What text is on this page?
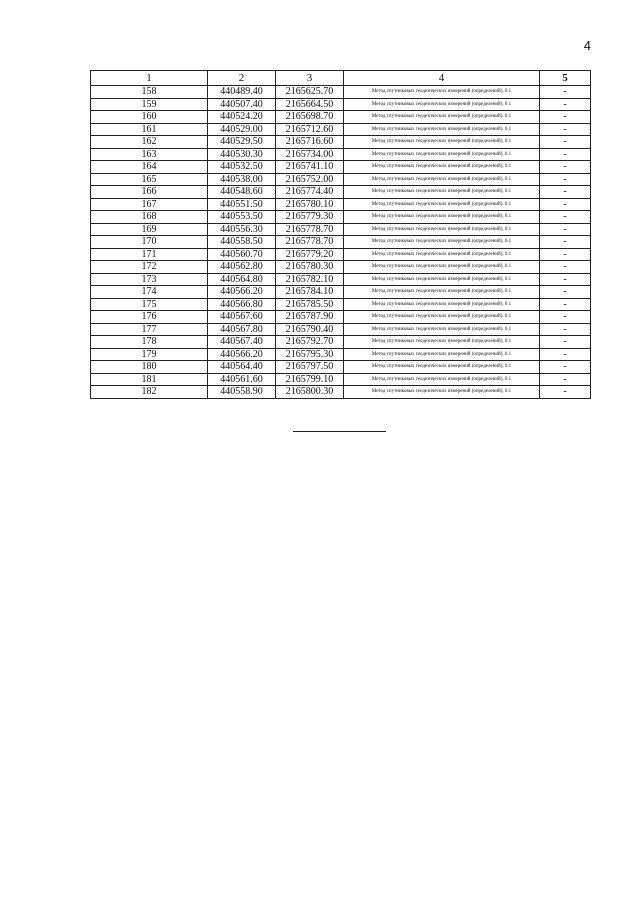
4
1	2	3	4	5
158	440489.40	2165625.70	Метод спутниковых геодезических измерений (определений), 0.1	-
159	440507.40	2165664.50	Метод спутниковых геодезических измерений (определений), 0.1	-
160	440524.20	2165698.70	Метод спутниковых геодезических измерений (определений), 0.1	-
161	440529.00	2165712.60	Метод спутниковых геодезических измерений (определений), 0.1	-
162	440529.50	2165716.60	Метод спутниковых геодезических измерений (определений), 0.1	-
163	440530.30	2165734.00	Метод спутниковых геодезических измерений (определений), 0.1	-
164	440532.50	2165741.10	Метод спутниковых геодезических измерений (определений), 0.1	-
165	440538.00	2165752.00	Метод спутниковых геодезических измерений (определений), 0.1	-
166	440548.60	2165774.40	Метод спутниковых геодезических измерений (определений), 0.1	-
167	440551.50	2165780.10	Метод спутниковых геодезических измерений (определений), 0.1	-
168	440553.50	2165779.30	Метод спутниковых геодезических измерений (определений), 0.1	-
169	440556.30	2165778.70	Метод спутниковых геодезических измерений (определений), 0.1	-
170	440558.50	2165778.70	Метод спутниковых геодезических измерений (определений), 0.1	-
171	440560.70	2165779.20	Метод спутниковых геодезических измерений (определений), 0.1	-
172	440562.80	2165780.30	Метод спутниковых геодезических измерений (определений), 0.1	-
173	440564.80	2165782.10	Метод спутниковых геодезических измерений (определений), 0.1	-
174	440566.20	2165784.10	Метод спутниковых геодезических измерений (определений), 0.1	-
175	440566.80	2165785.50	Метод спутниковых геодезических измерений (определений), 0.1	-
176	440567.60	2165787.90	Метод спутниковых геодезических измерений (определений), 0.1	-
177	440567.80	2165790.40	Метод спутниковых геодезических измерений (определений), 0.1	-
178	440567.40	2165792.70	Метод спутниковых геодезических измерений (определений), 0.1	-
179	440566.20	2165795.30	Метод спутниковых геодезических измерений (определений), 0.1	-
180	440564.40	2165797.50	Метод спутниковых геодезических измерений (определений), 0.1	-
181	440561.60	2165799.10	Метод спутниковых геодезических измерений (определений), 0.1	-
182	440558.90	2165800.30	Метод спутниковых геодезических измерений (определений), 0.1	-
